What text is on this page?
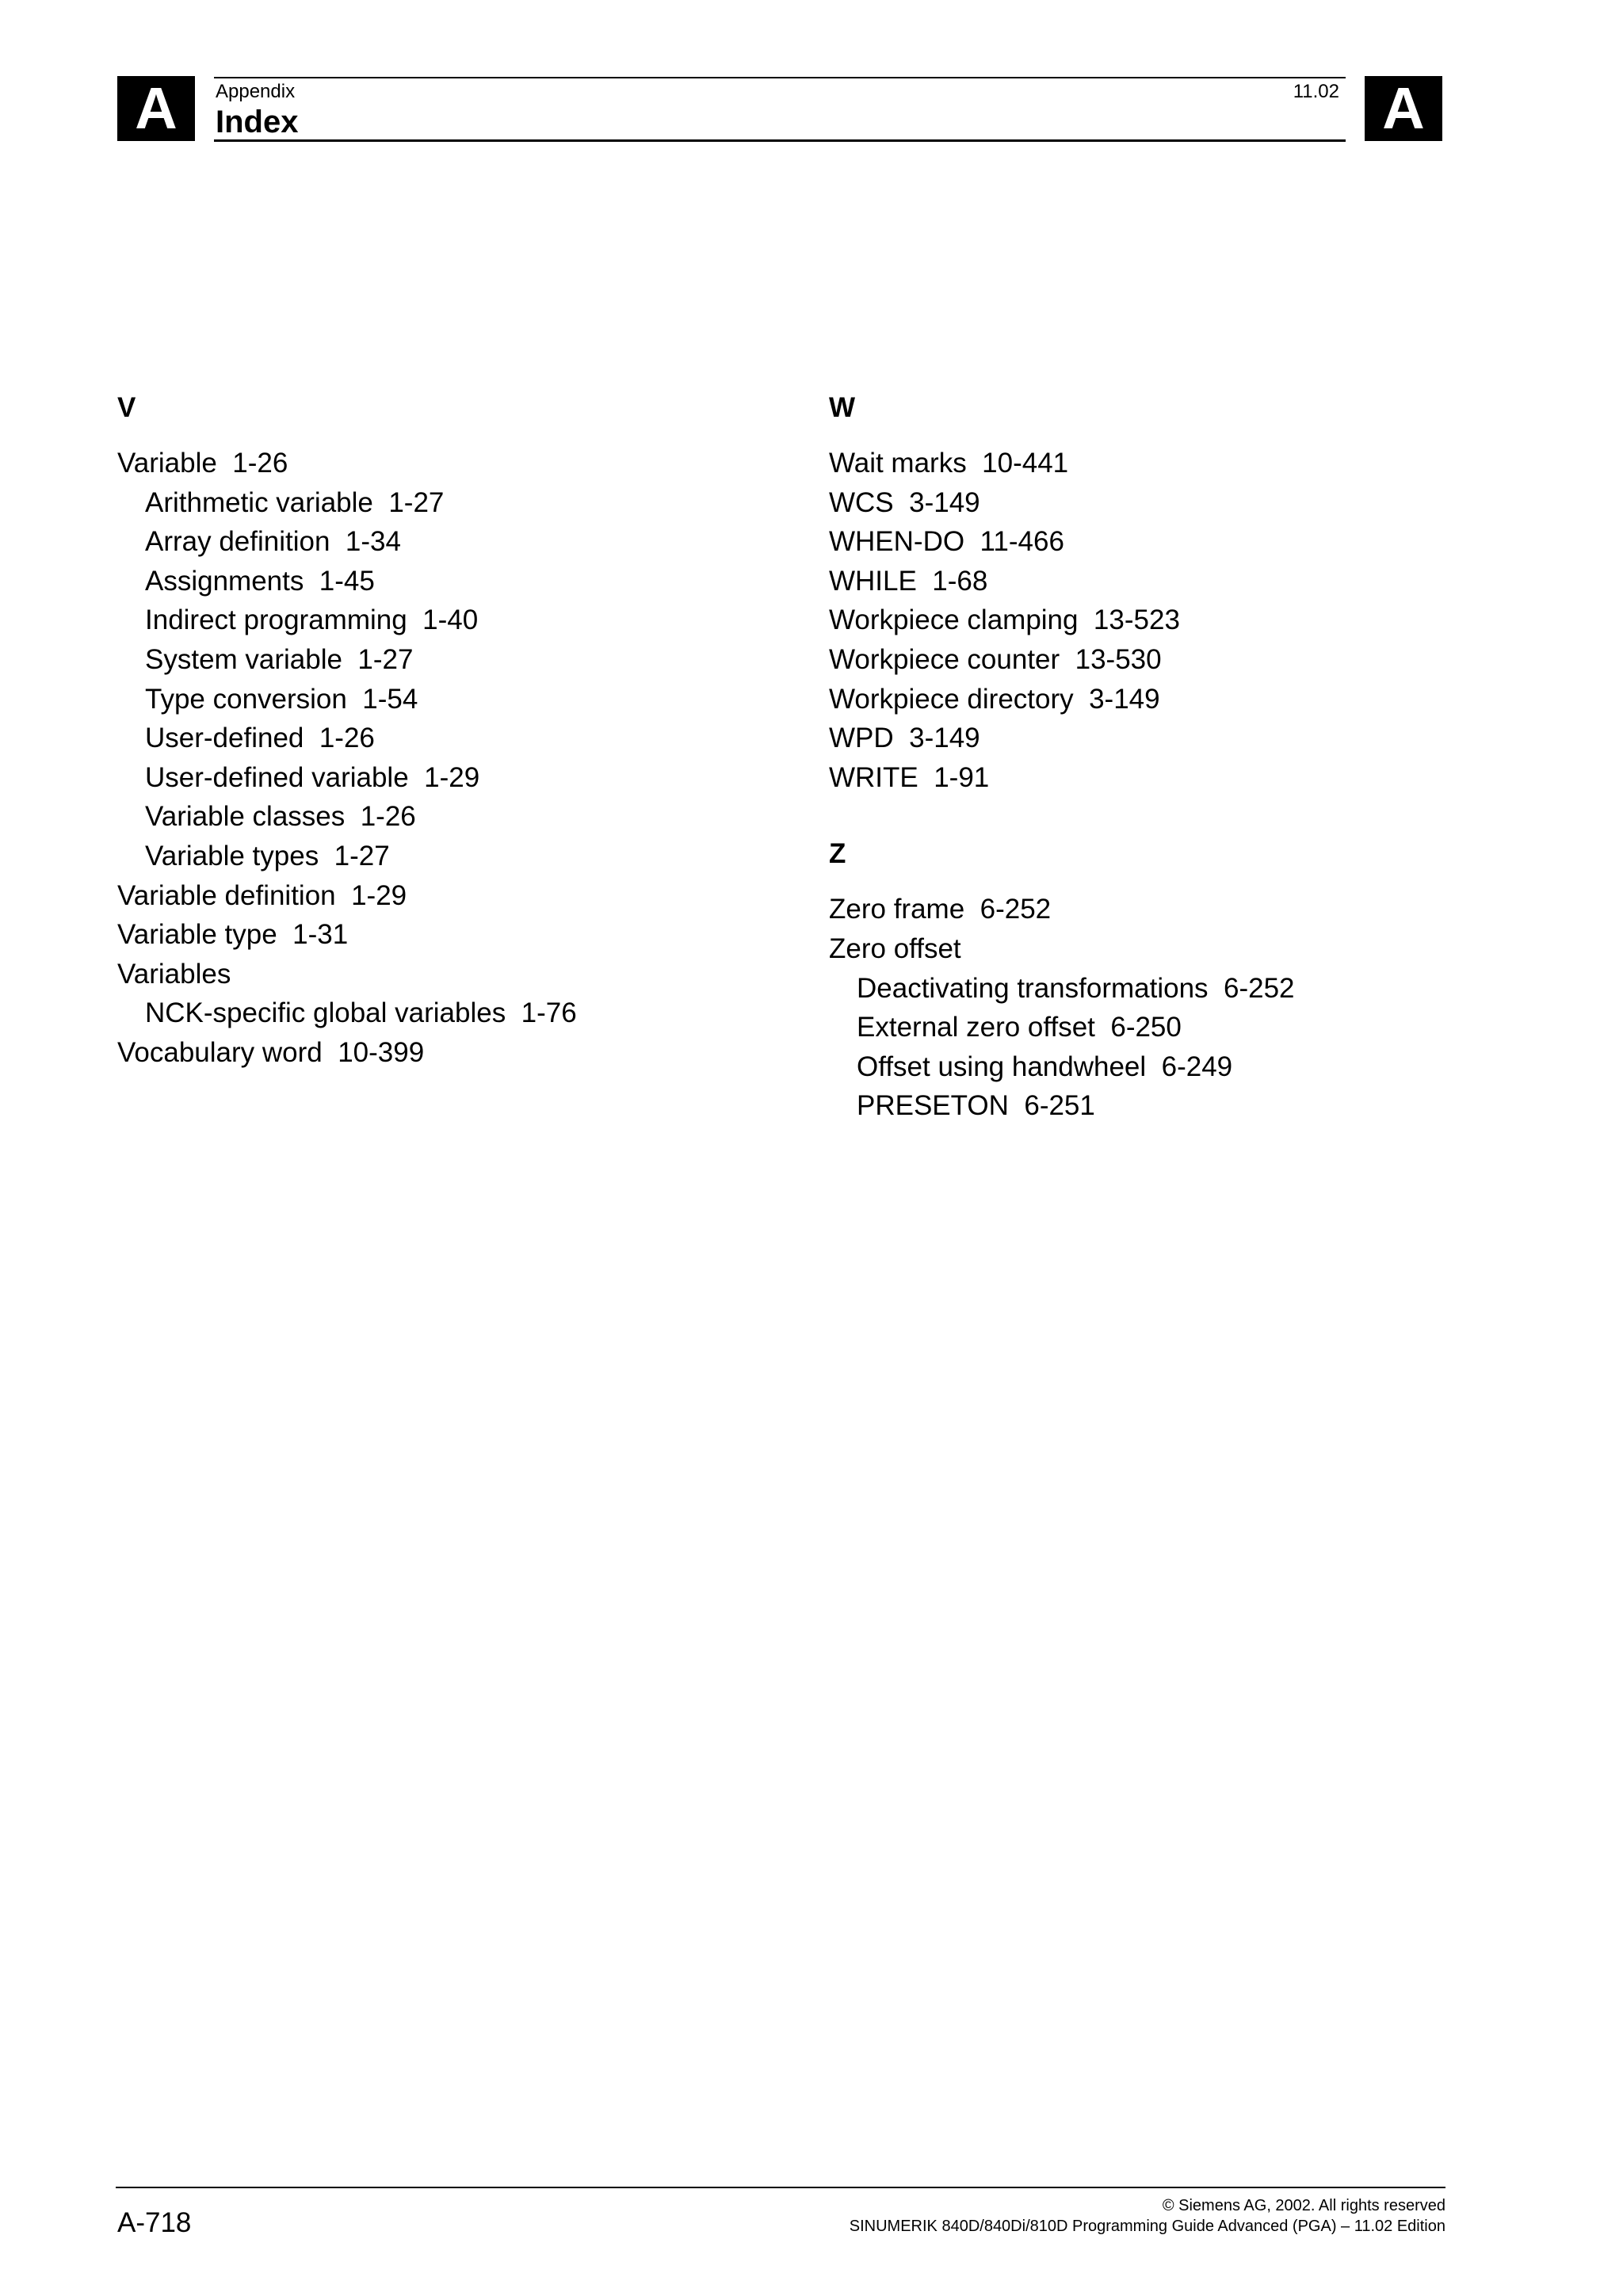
A	Appendix
Index
11.02 A
V
Variable  1-26
Arithmetic variable  1-27
Array definition  1-34
Assignments  1-45
Indirect programming  1-40
System variable  1-27
Type conversion  1-54
User-defined  1-26
User-defined variable  1-29
Variable classes  1-26
Variable types  1-27
Variable definition  1-29
Variable type  1-31
Variables
NCK-specific global variables  1-76
Vocabulary word  10-399
W
Wait marks  10-441
WCS  3-149
WHEN-DO  11-466
WHILE  1-68
Workpiece clamping  13-523
Workpiece counter  13-530
Workpiece directory  3-149
WPD  3-149
WRITE  1-91
Z
Zero frame  6-252
Zero offset
Deactivating transformations  6-252
External zero offset  6-250
Offset using handwheel  6-249
PRESETON  6-251
A-718
© Siemens AG, 2002. All rights reserved
SINUMERIK 840D/840Di/810D Programming Guide Advanced (PGA) – 11.02 Edition
